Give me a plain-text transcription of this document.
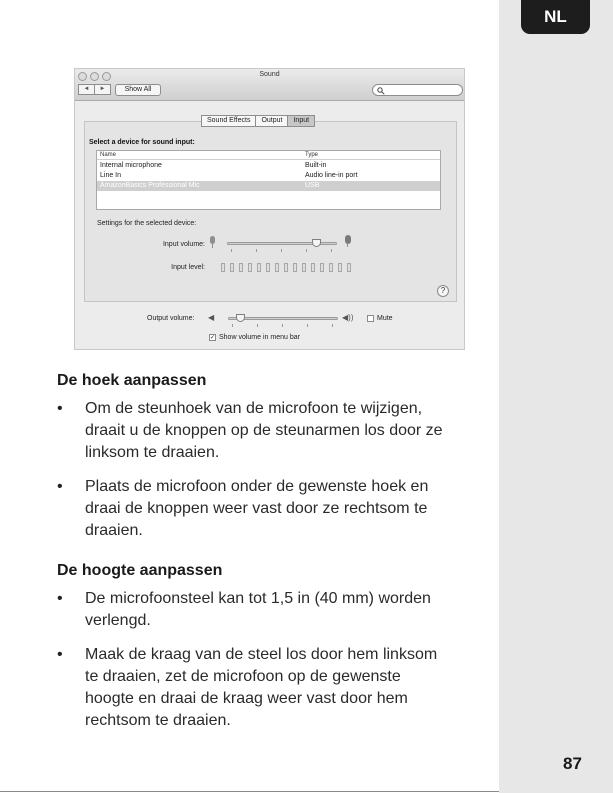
NL
87
Sound
◄	►	Show All
Sound Effects	Output	Input
Select a device for sound input:
Name	Type
Internal microphone	Built-in
Line In	Audio line-in port
AmazonBasics Professional Mic	USB
Settings for the selected device:
Input volume:
Input level:
?
Output volume: ◀	◀))	Mute
✓ Show volume in menu bar
De hoek aanpassen
• Om de steunhoek van de microfoon te wijzigen,
draait u de knoppen op de steunarmen los door ze
linksom te draaien.
• Plaats de microfoon onder de gewenste hoek en
draai de knoppen weer vast door ze rechtsom te
draaien.
De hoogte aanpassen
• De microfoonsteel kan tot 1,5 in (40 mm) worden
verlengd.
• Maak de kraag van de steel los door hem linksom
te draaien, zet de microfoon op de gewenste
hoogte en draai de kraag weer vast door hem
rechtsom te draaien.
